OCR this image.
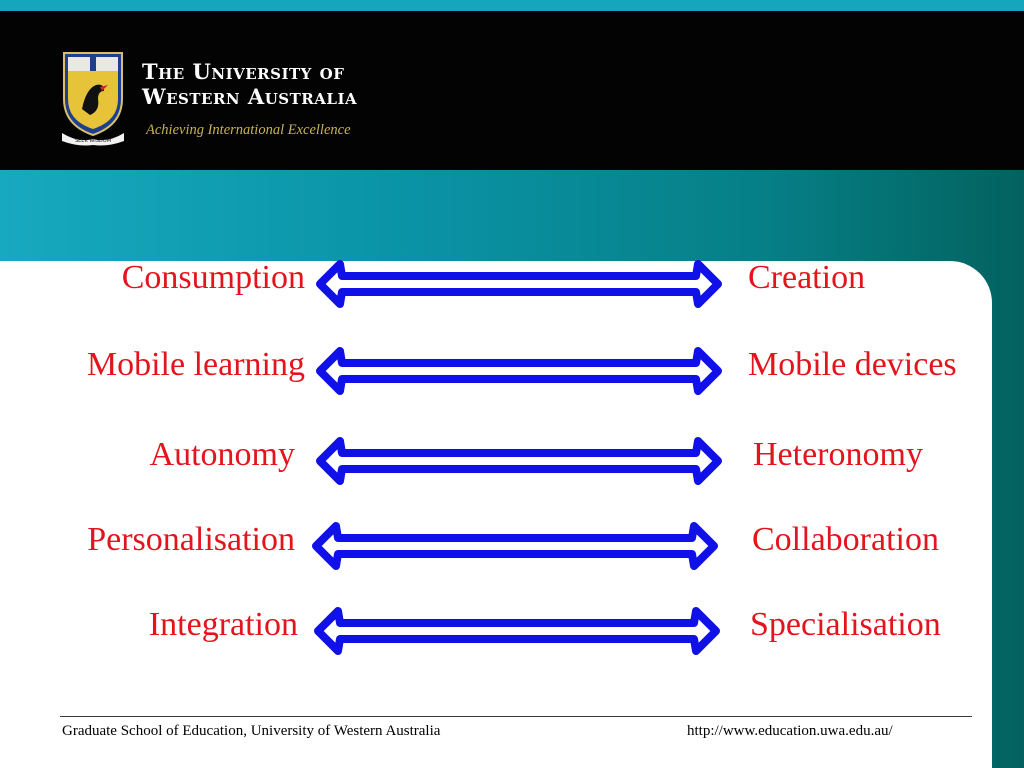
SEEK WISDOM
The University of
Western Australia
Achieving International Excellence
Consumption	Creation
Mobile learning	Mobile devices
Autonomy	Heteronomy
Personalisation	Collaboration
Integration	Specialisation
Graduate School of Education, University of Western Australia	http://www.education.uwa.edu.au/
